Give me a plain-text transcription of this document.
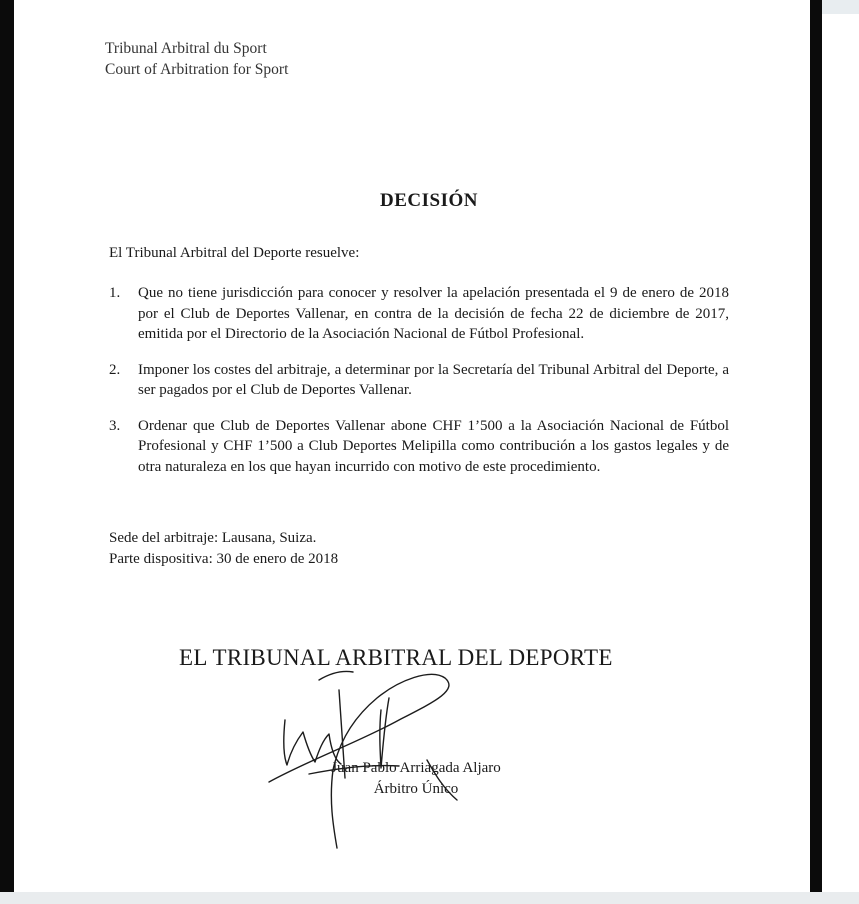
Tribunal Arbitral du Sport
Court of Arbitration for Sport
DECISIÓN
El Tribunal Arbitral del Deporte resuelve:
1. Que no tiene jurisdicción para conocer y resolver la apelación presentada el 9 de enero de 2018 por el Club de Deportes Vallenar, en contra de la decisión de fecha 22 de diciembre de 2017, emitida por el Directorio de la Asociación Nacional de Fútbol Profesional.
2. Imponer los costes del arbitraje, a determinar por la Secretaría del Tribunal Arbitral del Deporte, a ser pagados por el Club de Deportes Vallenar.
3. Ordenar que Club de Deportes Vallenar abone CHF 1’500 a la Asociación Nacional de Fútbol Profesional y CHF 1’500 a Club Deportes Melipilla como contribución a los gastos legales y de otra naturaleza en los que hayan incurrido con motivo de este procedimiento.
Sede del arbitraje: Lausana, Suiza.
Parte dispositiva: 30 de enero de 2018
EL TRIBUNAL ARBITRAL DEL DEPORTE
Juan Pablo Arriagada Aljaro
Árbitro Único
